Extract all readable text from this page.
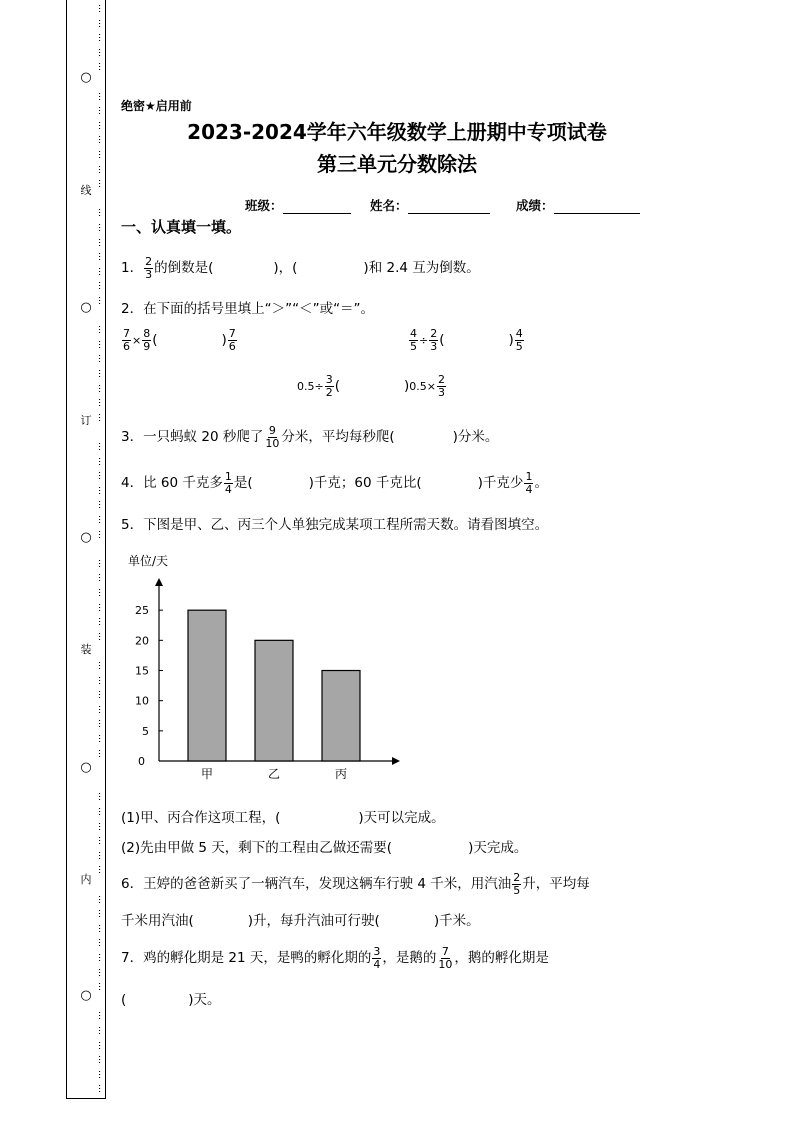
…
…
…
…
…
…
…
…
…
…
…
…
…
…
…
…
…
…
…
…
…
…
…
…
…
…
…
…
…
…
…
…
…
…
…
…
…
…
…
…
…
…
…
…
…
…
…
…
…
…
…
…
…
…
…
…
…
…
…
…
…
…
…
…
…
○
○
○
○
○
线
订
装
内
绝密★启用前
2023-2024学年六年级数学上册期中专项试卷
第三单元分数除法
班级：	姓名：	成绩：
一、认真填一填。
1． $\frac{2}{3}$ 的倒数是(	)，(	)和 2.4 互为倒数。
2．在下面的括号里填上“＞”“＜”或“＝”。
$\frac{7}{6} \times \frac{8}{9}$ (	) $\frac{7}{6}$	$\frac{4}{5} \div \frac{2}{3}$ (	) $\frac{4}{5}$
$0.5\div \frac{3}{2}$ (	)$0.5\times \frac{2}{3}$
3．一只蚂蚁 20 秒爬了 $\frac{9}{10}$ 分米，平均每秒爬(	)分米。
4．比 60 千克多 $\frac{1}{4}$ 是(	)千克；60 千克比(	)千克少 $\frac{1}{4}$ 。
5．下图是甲、乙、丙三个人单独完成某项工程所需天数。请看图填空。
单位/天
0
5
10
15
20
25
甲	乙	丙
(1)甲、丙合作这项工程，(	)天可以完成。
(2)先由甲做 5 天，剩下的工程由乙做还需要(	)天完成。
6．王婷的爸爸新买了一辆汽车，发现这辆车行驶 4 千米，用汽油 $\frac{2}{5}$ 升，平均每
千米用汽油(	)升，每升汽油可行驶(	)千米。
7．鸡的孵化期是 21 天，是鸭的孵化期的 $\frac{3}{4}$ ，是鹅的 $\frac{7}{10}$ ，鹅的孵化期是
(	)天。
